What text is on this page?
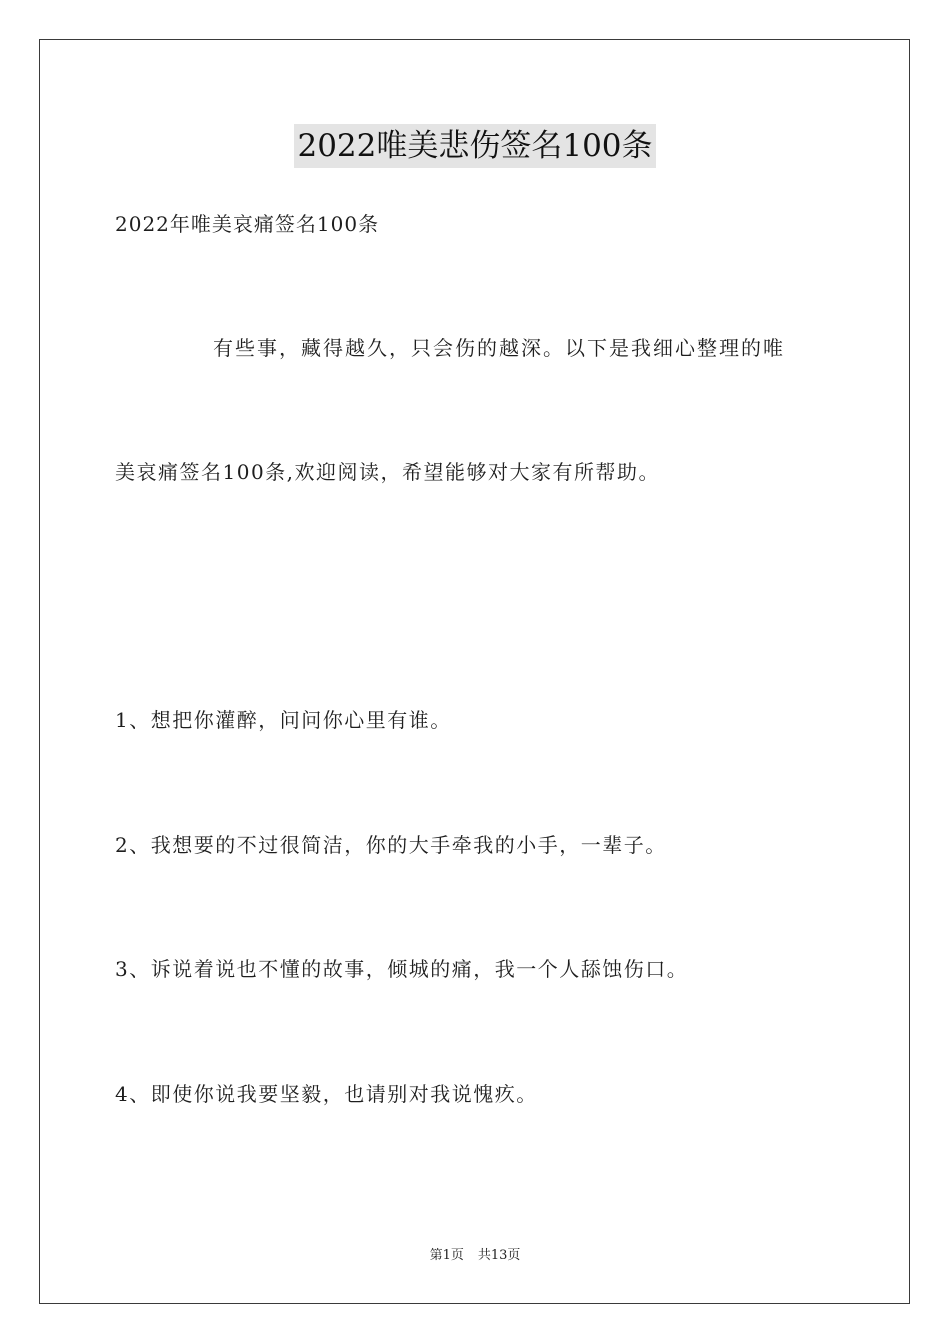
2022唯美悲伤签名100条
2022年唯美哀痛签名100条
有些事，藏得越久，只会伤的越深。以下是我细心整理的唯
美哀痛签名100条,欢迎阅读，希望能够对大家有所帮助。
1、想把你灌醉，问问你心里有谁。
2、我想要的不过很简洁，你的大手牵我的小手，一辈子。
3、诉说着说也不懂的故事，倾城的痛，我一个人舔蚀伤口。
4、即使你说我要坚毅，也请别对我说愧疚。
第1页 共13页
